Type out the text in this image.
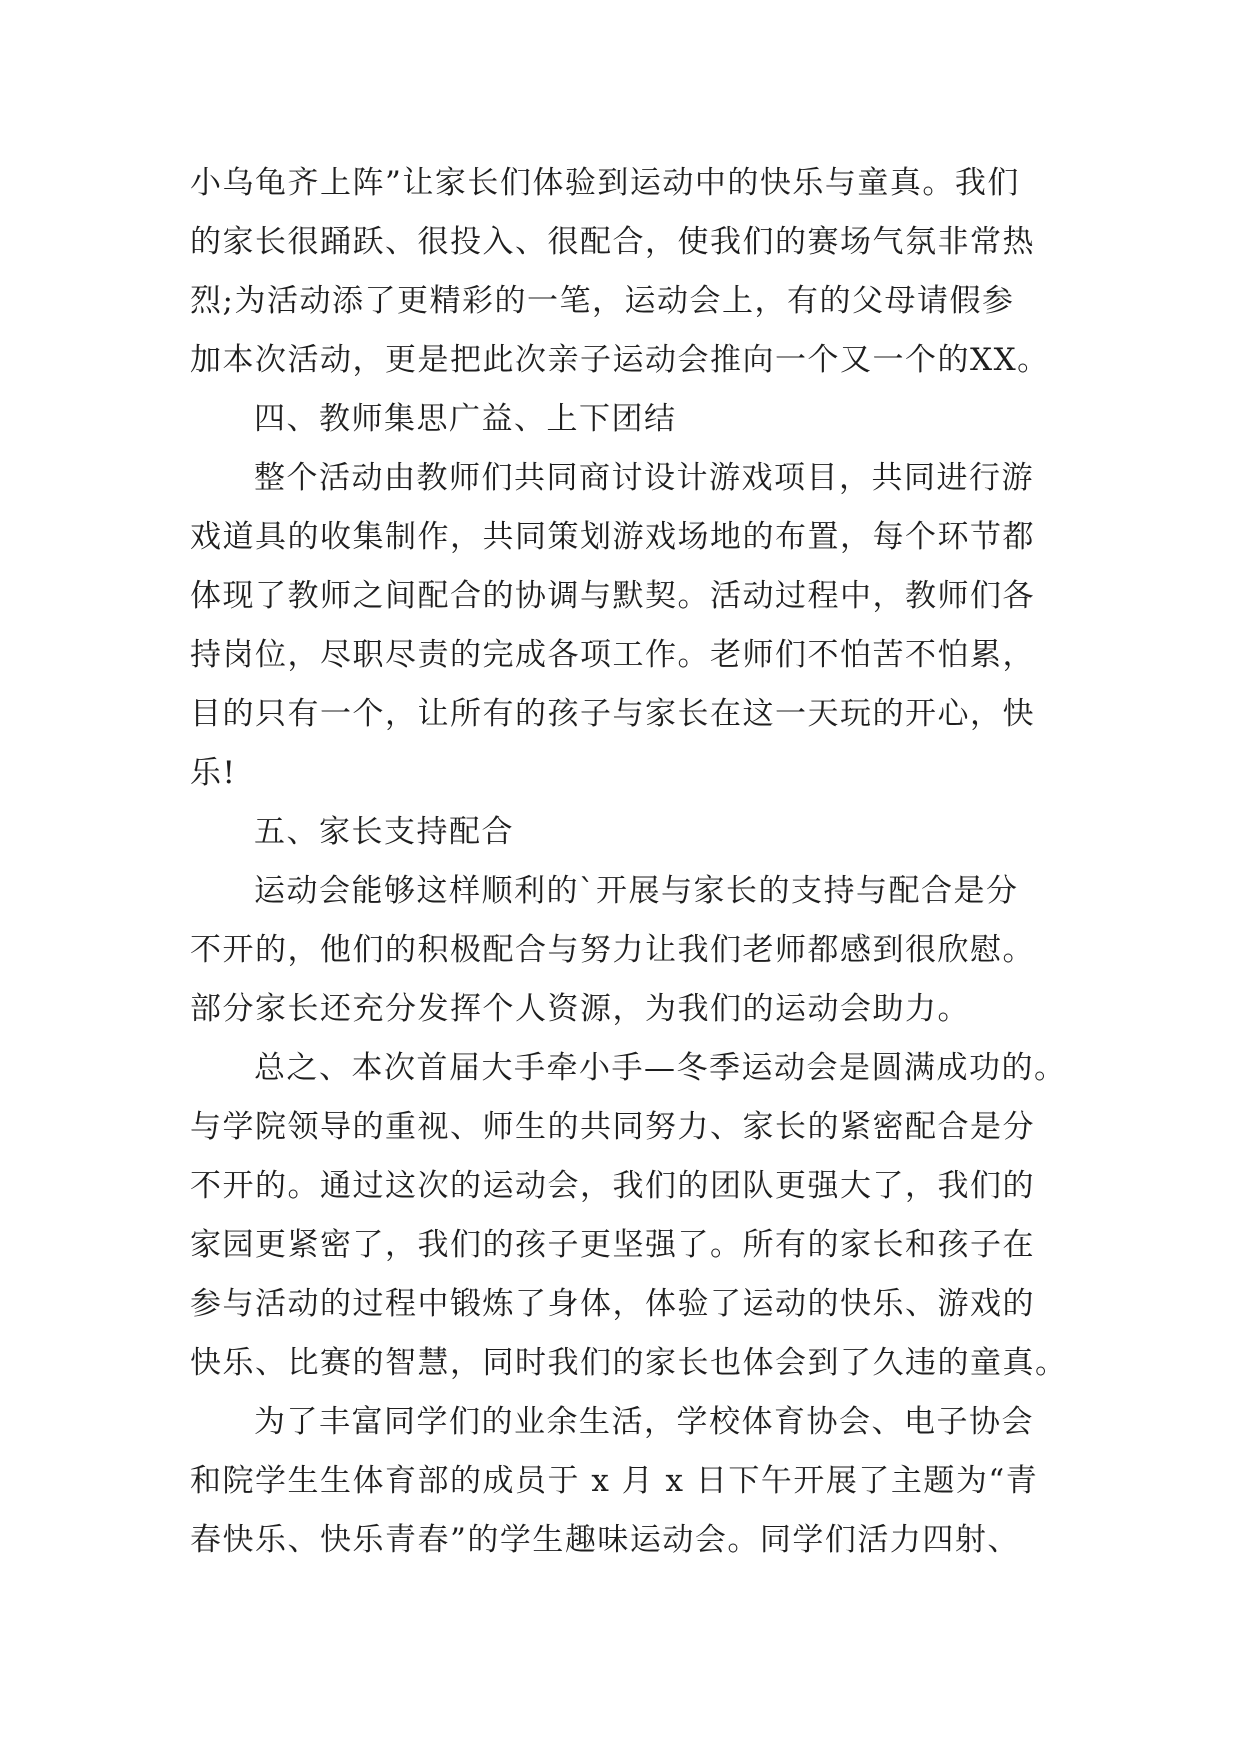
小乌龟齐上阵”让家长们体验到运动中的快乐与童真。我们
的家长很踊跃、很投入、很配合，使我们的赛场气氛非常热
烈;为活动添了更精彩的一笔，运动会上，有的父母请假参
加本次活动，更是把此次亲子运动会推向一个又一个的XX。
四、教师集思广益、上下团结
整个活动由教师们共同商讨设计游戏项目，共同进行游
戏道具的收集制作，共同策划游戏场地的布置，每个环节都
体现了教师之间配合的协调与默契。活动过程中，教师们各
持岗位，尽职尽责的完成各项工作。老师们不怕苦不怕累，
目的只有一个，让所有的孩子与家长在这一天玩的开心，快
乐!
五、家长支持配合
运动会能够这样顺利的`开展与家长的支持与配合是分
不开的，他们的积极配合与努力让我们老师都感到很欣慰。
部分家长还充分发挥个人资源，为我们的运动会助力。
总之、本次首届大手牵小手—冬季运动会是圆满成功的。
与学院领导的重视、师生的共同努力、家长的紧密配合是分
不开的。通过这次的运动会，我们的团队更强大了，我们的
家园更紧密了，我们的孩子更坚强了。所有的家长和孩子在
参与活动的过程中锻炼了身体，体验了运动的快乐、游戏的
快乐、比赛的智慧，同时我们的家长也体会到了久违的童真。
为了丰富同学们的业余生活，学校体育协会、电子协会
和院学生生体育部的成员于 x 月 x 日下午开展了主题为“青
春快乐、快乐青春”的学生趣味运动会。同学们活力四射、
